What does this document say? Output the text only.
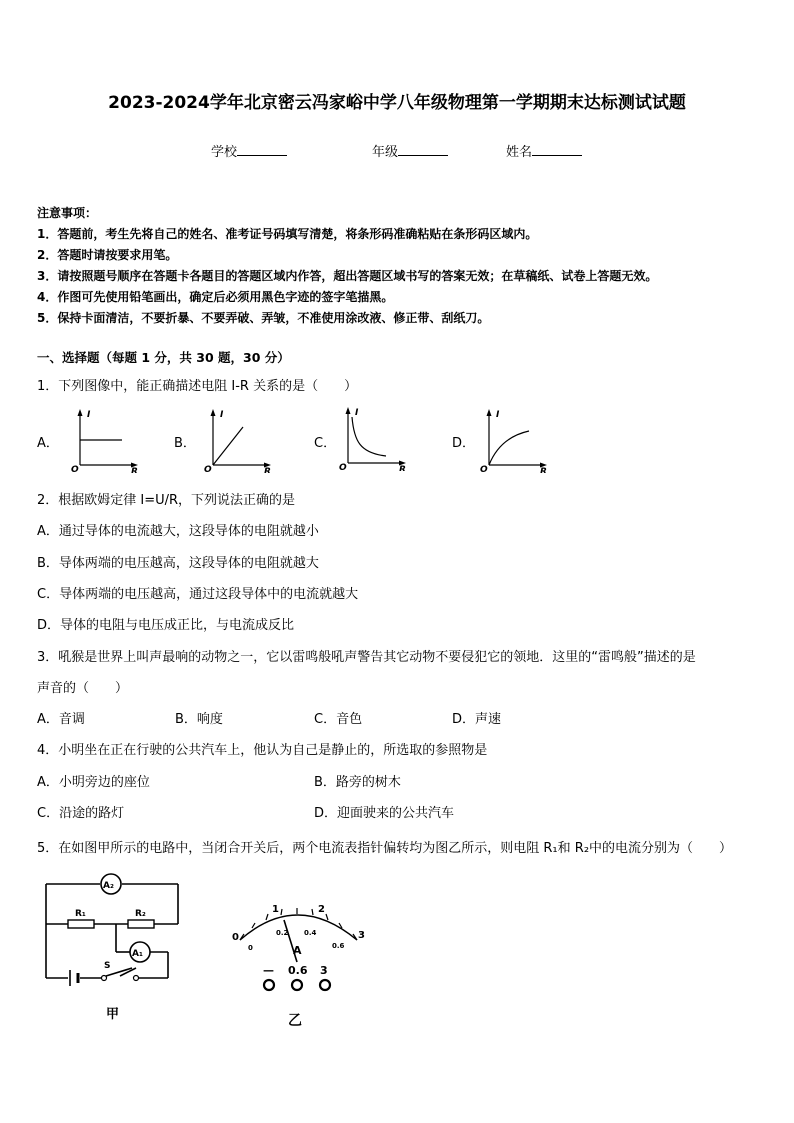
2023-2024学年北京密云冯家峪中学八年级物理第一学期期末达标测试试题
学校	年级	姓名
注意事项：
1．答题前，考生先将自己的姓名、准考证号码填写清楚，将条形码准确粘贴在条形码区域内。
2．答题时请按要求用笔。
3．请按照题号顺序在答题卡各题目的答题区域内作答，超出答题区域书写的答案无效；在草稿纸、试卷上答题无效。
4．作图可先使用铅笔画出，确定后必须用黑色字迹的签字笔描黑。
5．保持卡面清洁，不要折暴、不要弄破、弄皱，不准使用涂改液、修正带、刮纸刀。
一、选择题（每题 1 分，共 30 题，30 分）
1．下列图像中，能正确描述电阻 I-R 关系的是（　　）
A．
I
R
O
B．
I
R
O
C．
I
R
O
D．
I
R
O
2．根据欧姆定律 I=U/R，下列说法正确的是
A．通过导体的电流越大，这段导体的电阻就越小
B．导体两端的电压越高，这段导体的电阻就越大
C．导体两端的电压越高，通过这段导体中的电流就越大
D．导体的电阻与电压成正比，与电流成反比
3．吼猴是世界上叫声最响的动物之一，它以雷鸣般吼声警告其它动物不要侵犯它的领地．这里的“雷鸣般”描述的是
声音的（　　）
A．音调	B．响度	C．音色	D．声速
4．小明坐在正在行驶的公共汽车上，他认为自己是静止的，所选取的参照物是
A．小明旁边的座位	B．路旁的树木
C．沿途的路灯	D．迎面驶来的公共汽车
5．在如图甲所示的电路中，当闭合开关后，两个电流表指针偏转均为图乙所示，则电阻 R₁和 R₂中的电流分别为（　　）
A₂
R₁	R₂
A₁
S
甲
0
1	2
3
0
0.2 0.4
0.6
A
— 0.6 3
乙
